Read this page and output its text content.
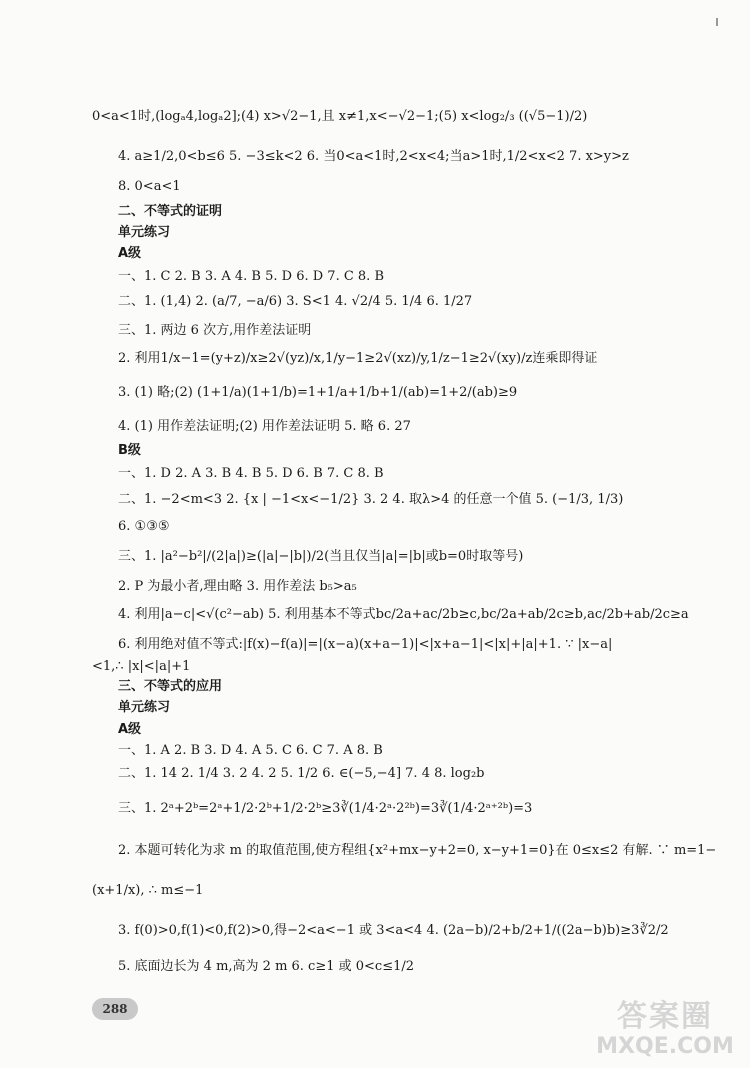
0<a<1时,(logₐ4,logₐ2];(4) x>√2−1,且 x≠1,x<−√2−1;(5) x<log₂/₃ ((√5−1)/2)
4. a≥1/2,0<b≤6 5. −3≤k<2 6. 当0<a<1时,2<x<4;当a>1时,1/2<x<2 7. x>y>z
8. 0<a<1
二、不等式的证明
单元练习
A级
一、1. C 2. B 3. A 4. B 5. D 6. D 7. C 8. B
二、1. (1,4) 2. (a/7, −a/6) 3. S<1 4. √2/4 5. 1/4 6. 1/27
三、1. 两边 6 次方,用作差法证明
2. 利用1/x−1=(y+z)/x≥2√(yz)/x,1/y−1≥2√(xz)/y,1/z−1≥2√(xy)/z连乘即得证
3. (1) 略;(2) (1+1/a)(1+1/b)=1+1/a+1/b+1/(ab)=1+2/(ab)≥9
4. (1) 用作差法证明;(2) 用作差法证明 5. 略 6. 27
B级
一、1. D 2. A 3. B 4. B 5. D 6. B 7. C 8. B
二、1. −2<m<3 2. {x | −1<x<−1/2} 3. 2 4. 取λ>4 的任意一个值 5. (−1/3, 1/3)
6. ①③⑤
三、1. |a²−b²|/(2|a|)≥(|a|−|b|)/2(当且仅当|a|=|b|或b=0时取等号)
2. P 为最小者,理由略 3. 用作差法 b₅>a₅
4. 利用|a−c|<√(c²−ab) 5. 利用基本不等式bc/2a+ac/2b≥c,bc/2a+ab/2c≥b,ac/2b+ab/2c≥a
6. 利用绝对值不等式:|f(x)−f(a)|=|(x−a)(x+a−1)|<|x+a−1|<|x|+|a|+1. ∵ |x−a|
<1,∴ |x|<|a|+1
三、不等式的应用
单元练习
A级
一、1. A 2. B 3. D 4. A 5. C 6. C 7. A 8. B
二、1. 14 2. 1/4 3. 2 4. 2 5. 1/2 6. ∈(−5,−4] 7. 4 8. log₂b
三、1. 2ᵃ+2ᵇ=2ᵃ+1/2·2ᵇ+1/2·2ᵇ≥3∛(1/4·2ᵃ·2²ᵇ)=3∛(1/4·2ᵃ⁺²ᵇ)=3
2. 本题可转化为求 m 的取值范围,使方程组{x²+mx−y+2=0, x−y+1=0}在 0≤x≤2 有解. ∵ m=1−
(x+1/x), ∴ m≤−1
3. f(0)>0,f(1)<0,f(2)>0,得−2<a<−1 或 3<a<4 4. (2a−b)/2+b/2+1/((2a−b)b)≥3∛2/2
5. 底面边长为 4 m,高为 2 m 6. c≥1 或 0<c≤1/2
288	答案圈
MXQE.COM
